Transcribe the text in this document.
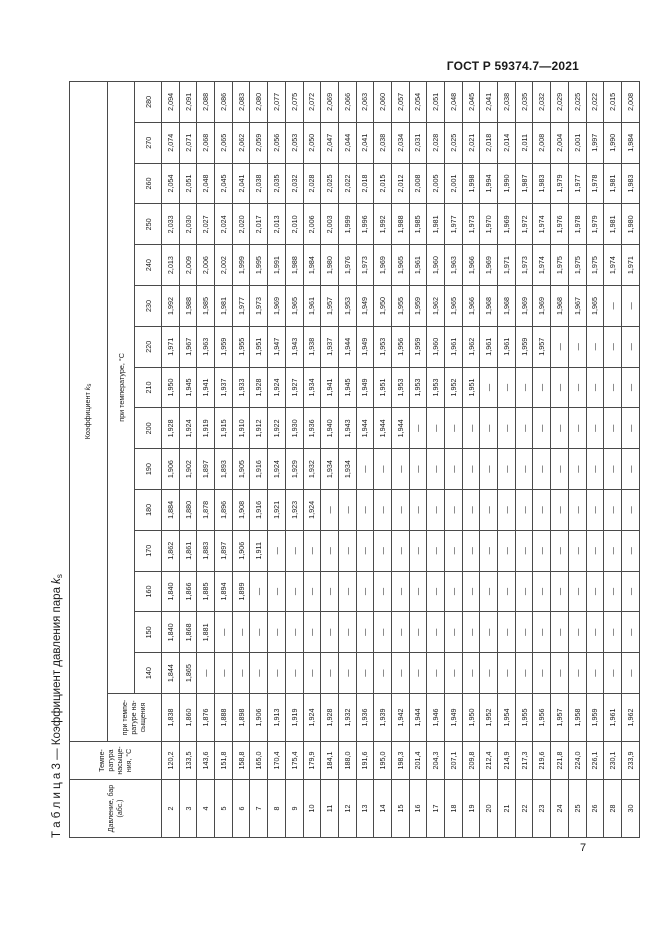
ГОСТ Р 59374.7—2021
Т а б л и ц а 3 — Коэффициент давления пара $k_s$
Давление, бар (абс.)	Темпе-ратура насыще-ния, °С	Коэффициент ks															
		при темпе-ратуре на-сыщения	при температуре, °С														
			140	150	160	170	180	190	200	210	220	230	240	250	260	270	280
2	120,2	1,838	1,844	1,840	1,840	1,862	1,884	1,906	1,928	1,950	1,971	1,992	2,013	2,033	2,054	2,074	2,094
3	133,5	1,860	1,865	1,868	1,866	1,861	1,880	1,902	1,924	1,945	1,967	1,988	2,009	2,030	2,051	2,071	2,091
4	143,6	1,876	—	1,881	1,885	1,883	1,878	1,897	1,919	1,941	1,963	1,985	2,006	2,027	2,048	2,068	2,088
5	151,8	1,888	—	—	1,894	1,897	1,896	1,893	1,915	1,937	1,959	1,981	2,002	2,024	2,045	2,065	2,086
6	158,8	1,898	—	—	1,899	1,906	1,908	1,905	1,910	1,933	1,955	1,977	1,999	2,020	2,041	2,062	2,083
7	165,0	1,906	—	—	—	1,911	1,916	1,916	1,912	1,928	1,951	1,973	1,995	2,017	2,038	2,059	2,080
8	170,4	1,913	—	—	—	—	1,921	1,924	1,922	1,924	1,947	1,969	1,991	2,013	2,035	2,056	2,077
9	175,4	1,919	—	—	—	—	1,923	1,929	1,930	1,927	1,943	1,965	1,988	2,010	2,032	2,053	2,075
10	179,9	1,924	—	—	—	—	1,924	1,932	1,936	1,934	1,938	1,961	1,984	2,006	2,028	2,050	2,072
11	184,1	1,928	—	—	—	—	—	1,934	1,940	1,941	1,937	1,957	1,980	2,003	2,025	2,047	2,069
12	188,0	1,932	—	—	—	—	—	1,934	1,943	1,945	1,944	1,953	1,976	1,999	2,022	2,044	2,066
13	191,6	1,936	—	—	—	—	—	—	1,944	1,949	1,949	1,949	1,973	1,996	2,018	2,041	2,063
14	195,0	1,939	—	—	—	—	—	—	1,944	1,951	1,953	1,950	1,969	1,992	2,015	2,038	2,060
15	198,3	1,942	—	—	—	—	—	—	1,944	1,953	1,956	1,955	1,965	1,988	2,012	2,034	2,057
16	201,4	1,944	—	—	—	—	—	—	—	1,953	1,959	1,959	1,961	1,985	2,008	2,031	2,054
17	204,3	1,946	—	—	—	—	—	—	—	1,953	1,960	1,962	1,960	1,981	2,005	2,028	2,051
18	207,1	1,949	—	—	—	—	—	—	—	1,952	1,961	1,965	1,963	1,977	2,001	2,025	2,048
19	209,8	1,950	—	—	—	—	—	—	—	1,951	1,962	1,966	1,966	1,973	1,998	2,021	2,045
20	212,4	1,952	—	—	—	—	—	—	—	—	1,961	1,968	1,969	1,970	1,994	2,018	2,041
21	214,9	1,954	—	—	—	—	—	—	—	—	1,961	1,968	1,971	1,969	1,990	2,014	2,038
22	217,3	1,955	—	—	—	—	—	—	—	—	1,959	1,969	1,973	1,972	1,987	2,011	2,035
23	219,6	1,956	—	—	—	—	—	—	—	—	1,957	1,969	1,974	1,974	1,983	2,008	2,032
24	221,8	1,957	—	—	—	—	—	—	—	—	—	1,968	1,975	1,976	1,979	2,004	2,029
25	224,0	1,958	—	—	—	—	—	—	—	—	—	1,967	1,975	1,978	1,977	2,001	2,025
26	226,1	1,959	—	—	—	—	—	—	—	—	—	1,965	1,975	1,979	1,978	1,997	2,022
28	230,1	1,961	—	—	—	—	—	—	—	—	—	—	1,974	1,981	1,981	1,990	2,015
30	233,9	1,962	—	—	—	—	—	—	—	—	—	—	1,971	1,980	1,983	1,984	2,008
7
